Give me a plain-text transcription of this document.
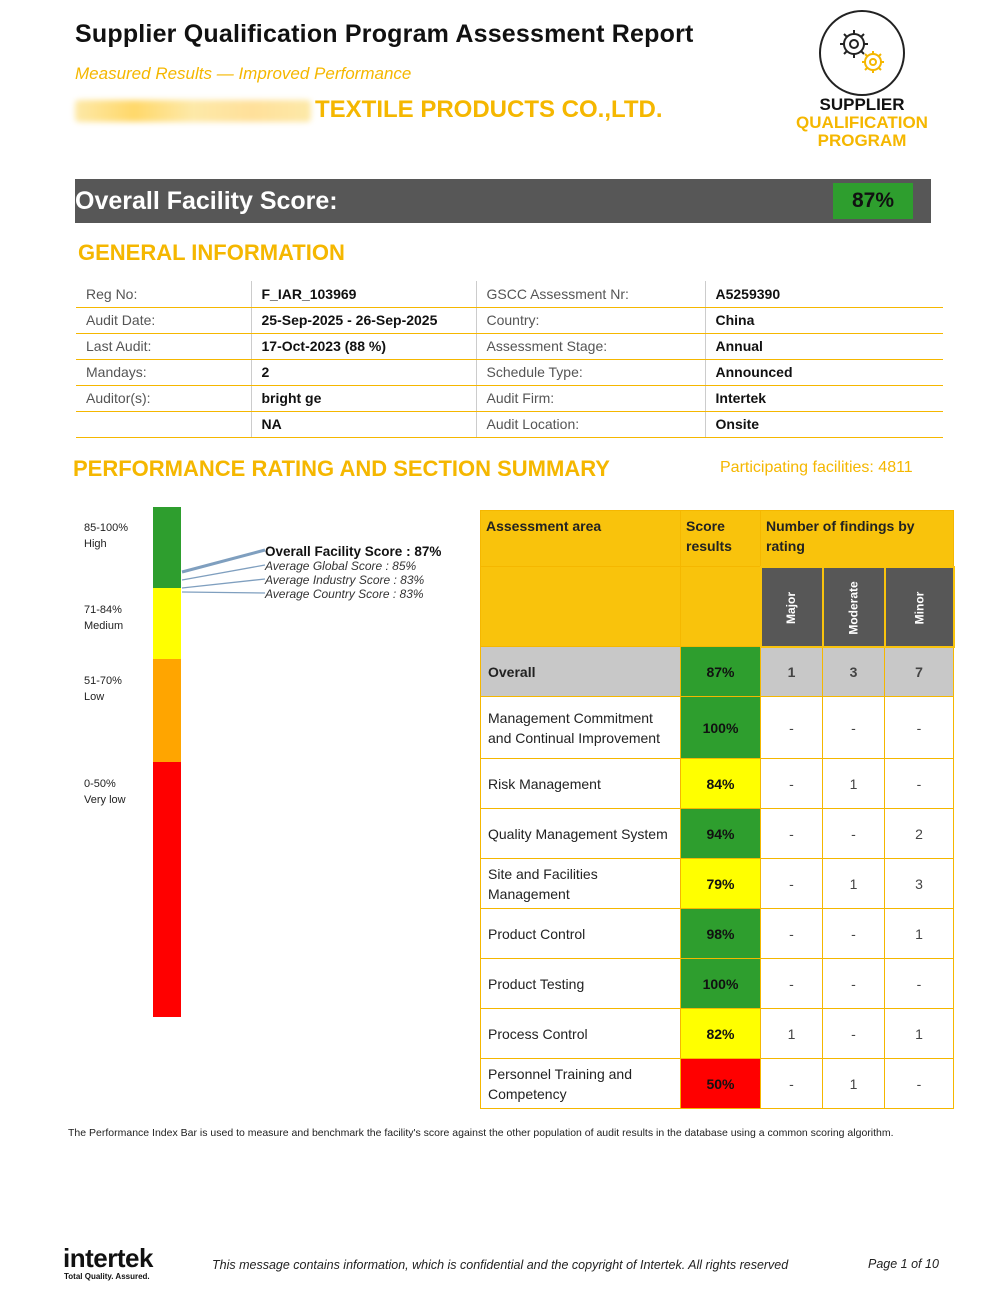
Supplier Qualification Program Assessment Report
Measured Results — Improved Performance
TEXTILE PRODUCTS CO.,LTD.	SUPPLIER
QUALIFICATION
PROGRAM
Overall Facility Score:	87%
GENERAL INFORMATION
Reg No:	F_IAR_103969	GSCC Assessment Nr:	A5259390
Audit Date:	25-Sep-2025 - 26-Sep-2025	Country:	China
Last Audit:	17-Oct-2023 (88 %)	Assessment Stage:	Annual
Mandays:	2	Schedule Type:	Announced
Auditor(s):	bright ge	Audit Firm:	Intertek
	NA	Audit Location:	Onsite
PERFORMANCE RATING AND SECTION SUMMARY	Participating facilities: 4811
85-100%
High
71-84%
Medium
51-70%
Low
0-50%
Very low
Overall Facility Score : 87%
Average Global Score : 85%
Average Industry Score : 83%
Average Country Score : 83%
Assessment area	Score results	Number of findings by rating		
		Major	Moderate	Minor
Overall	87%	1	3	7
Management Commitment and Continual Improvement	100%	-	-	-
Risk Management	84%	-	1	-
Quality Management System	94%	-	-	2
Site and Facilities Management	79%	-	1	3
Product Control	98%	-	-	1
Product Testing	100%	-	-	-
Process Control	82%	1	-	1
Personnel Training and Competency	50%	-	1	-
The Performance Index Bar is used to measure and benchmark the facility's score against the other population of audit results in the database using a common scoring algorithm.
intertek
Total Quality. Assured.
This message contains information, which is confidential and the copyright of Intertek. All rights reserved	Page 1 of 10
